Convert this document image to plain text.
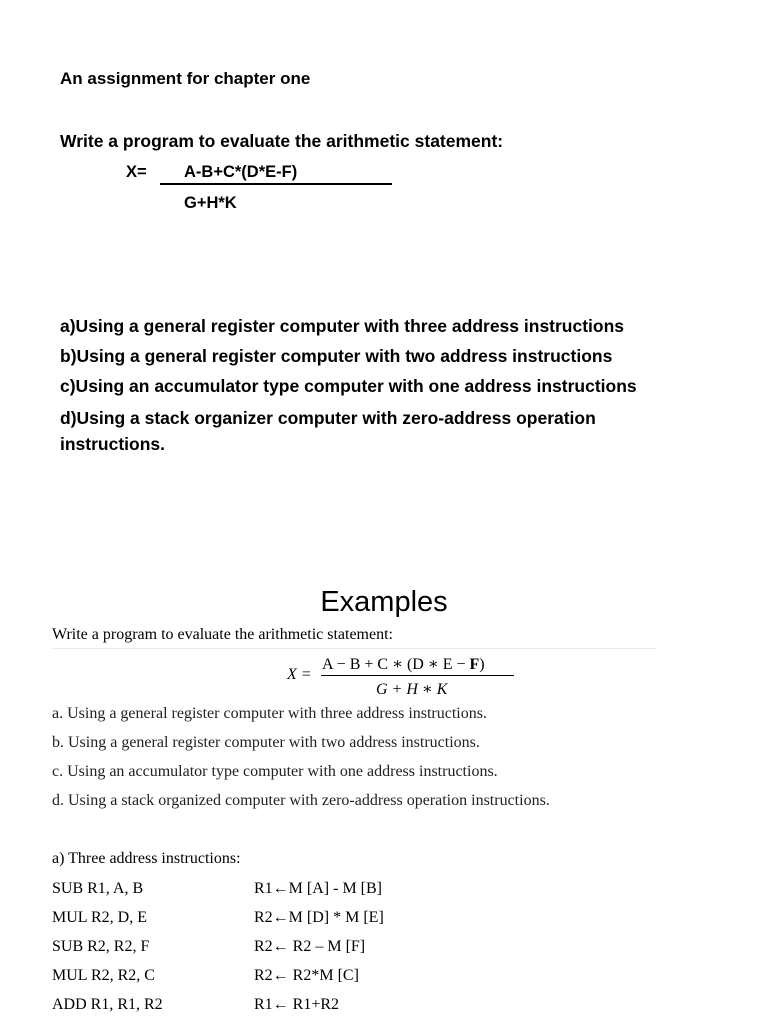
An assignment for chapter one
Write a program to evaluate the arithmetic statement:
X= A-B+C*(D*E-F)
G+H*K
a)Using a general register computer with three address instructions
b)Using a general register computer with two address instructions
c)Using an accumulator type computer with one address instructions
d)Using a stack organizer computer with zero-address operation
instructions.
Examples
Write a program to evaluate the arithmetic statement:
X =
A − B + C ∗ (D ∗ E − F)
G + H ∗ K
a. Using a general register computer with three address instructions.
b. Using a general register computer with two address instructions.
c. Using an accumulator type computer with one address instructions.
d. Using a stack organized computer with zero-address operation instructions.
a) Three address instructions:
SUB R1, A, B	R1←M [A] - M [B]
MUL R2, D, E	R2←M [D] * M [E]
SUB R2, R2, F	R2← R2 – M [F]
MUL R2, R2, C	R2← R2*M [C]
ADD R1, R1, R2	R1← R1+R2
